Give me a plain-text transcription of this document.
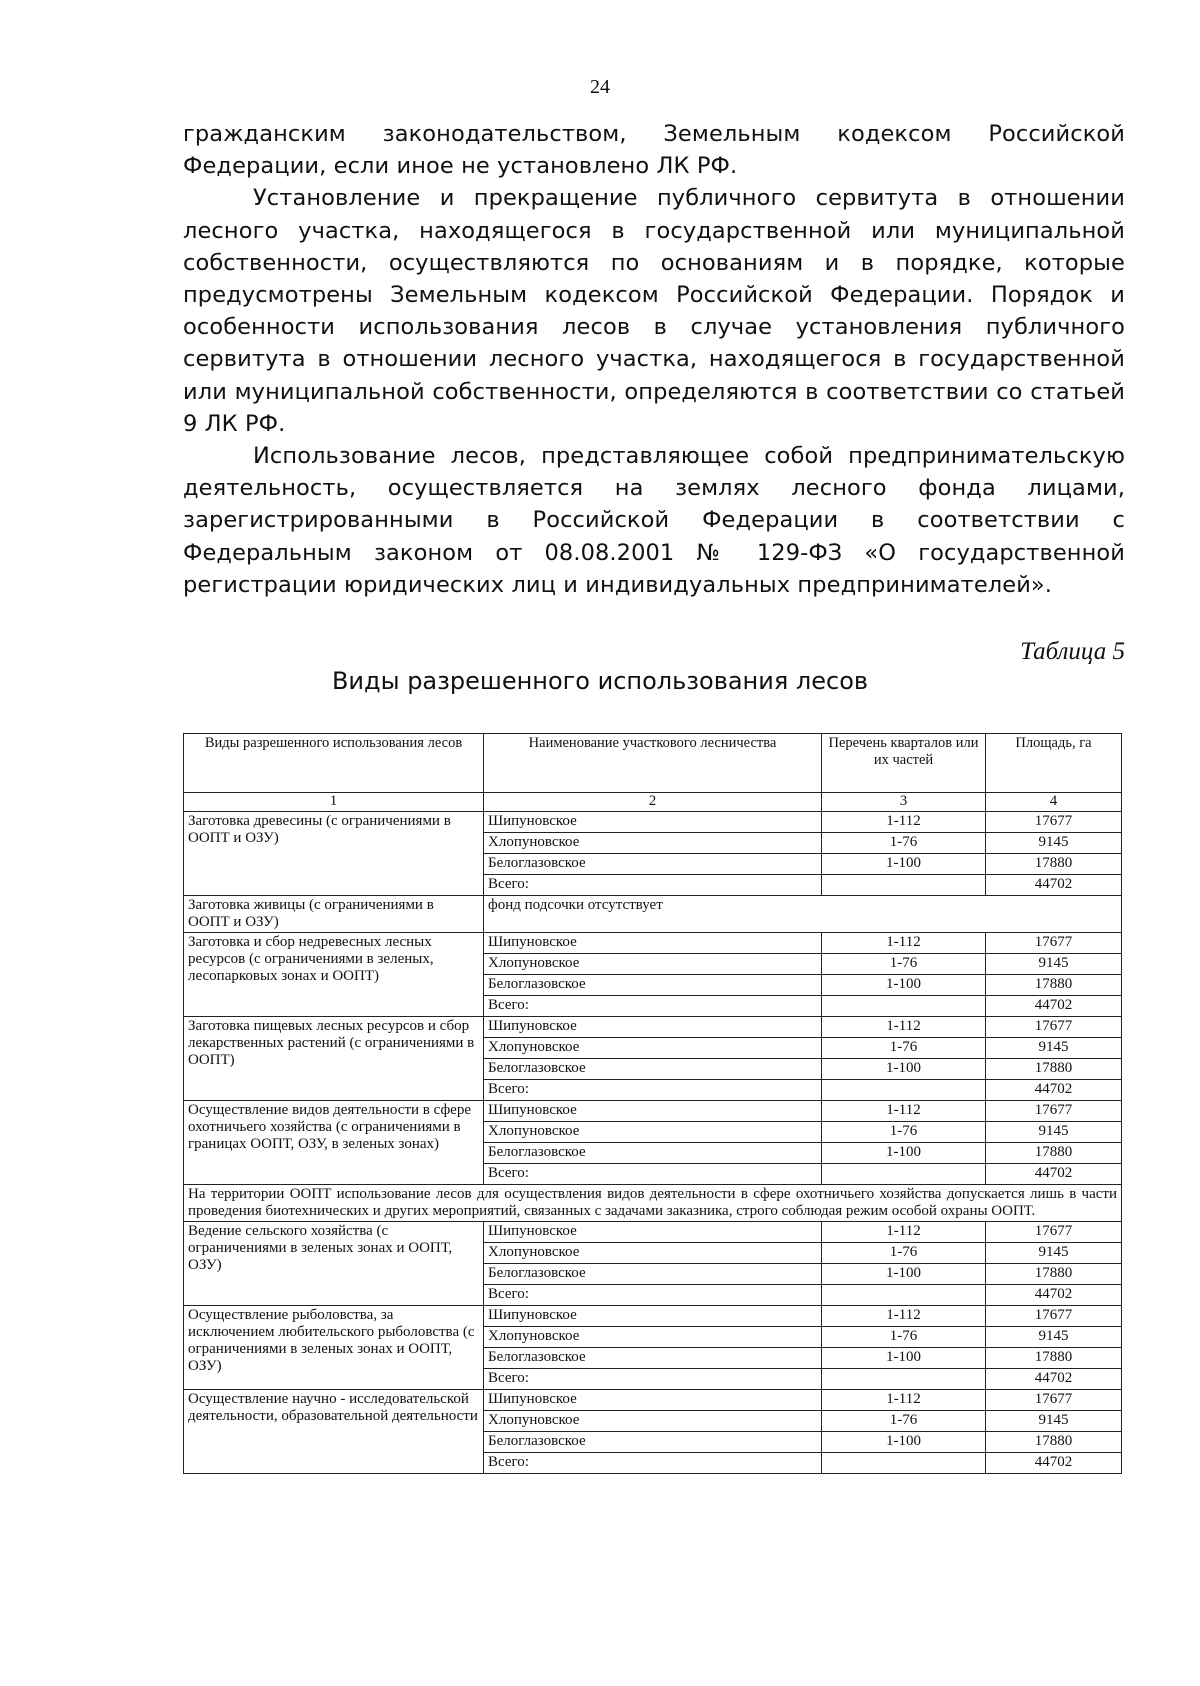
24

гражданским законодательством, Земельным кодексом Российской Федерации, если иное не установлено ЛК РФ.

Установление и прекращение публичного сервитута в отношении лесного участка, находящегося в государственной или муниципальной собственности, осуществляются по основаниям и в порядке, которые предусмотрены Земельным кодексом Российской Федерации. Порядок и особенности использования лесов в случае установления публичного сервитута в отношении лесного участка, находящегося в государственной или муниципальной собственности, определяются в соответствии со статьей 9 ЛК РФ.

Использование лесов, представляющее собой предпринимательскую деятельность, осуществляется на землях лесного фонда лицами, зарегистрированными в Российской Федерации в соответствии с Федеральным законом от 08.08.2001 № 129-ФЗ «О государственной регистрации юридических лиц и индивидуальных предпринимателей».

Таблица 5
Виды разрешенного использования лесов
Виды разрешенного использования лесов	Наименование участкового лесничества	Перечень кварталов или их частей	Площадь, га
1	2	3	4
Заготовка древесины (с ограничениями в ООПТ и ОЗУ)	Шипуновское	1-112	17677
	Хлопуновское	1-76	9145
	Белоглазовское	1-100	17880
	Всего:		44702
Заготовка живицы (с ограничениями в ООПТ и ОЗУ)	фонд подсочки отсутствует		
Заготовка и сбор недревесных лесных ресурсов (с ограничениями в зеленых, лесопарковых зонах и ООПТ)	Шипуновское	1-112	17677
	Хлопуновское	1-76	9145
	Белоглазовское	1-100	17880
	Всего:		44702
Заготовка пищевых лесных ресурсов и сбор лекарственных растений (с ограничениями в ООПТ)	Шипуновское	1-112	17677
	Хлопуновское	1-76	9145
	Белоглазовское	1-100	17880
	Всего:		44702
Осуществление видов деятельности в сфере охотничьего хозяйства (с ограничениями в границах ООПТ, ОЗУ, в зеленых зонах)	Шипуновское	1-112	17677
	Хлопуновское	1-76	9145
	Белоглазовское	1-100	17880
	Всего:		44702
На территории ООПТ использование лесов для осуществления видов деятельности в сфере охотничьего хозяйства допускается лишь в части проведения биотехнических и других мероприятий, связанных с задачами заказника, строго соблюдая режим особой охраны ООПТ.			
Ведение сельского хозяйства (с ограничениями в зеленых зонах и ООПТ, ОЗУ)	Шипуновское	1-112	17677
	Хлопуновское	1-76	9145
	Белоглазовское	1-100	17880
	Всего:		44702
Осуществление рыболовства, за исключением любительского рыболовства (с ограничениями в зеленых зонах и ООПТ, ОЗУ)	Шипуновское	1-112	17677
	Хлопуновское	1-76	9145
	Белоглазовское	1-100	17880
	Всего:		44702
Осуществление научно - исследовательской деятельности, образовательной деятельности	Шипуновское	1-112	17677
	Хлопуновское	1-76	9145
	Белоглазовское	1-100	17880
	Всего:		44702
